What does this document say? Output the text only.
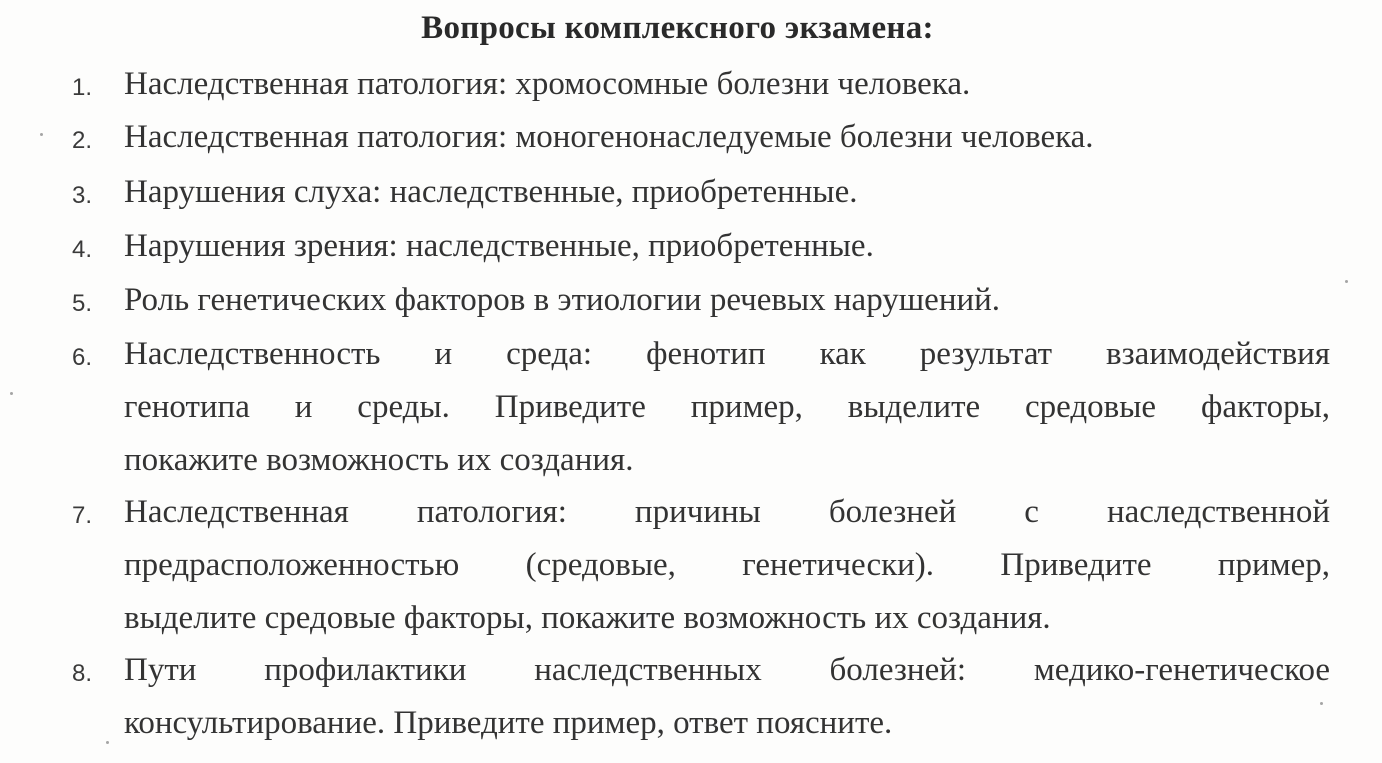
Вопросы комплексного экзамена:
1. Наследственная патология: хромосомные болезни человека.
2. Наследственная патология: моногенонаследуемые болезни человека.
3. Нарушения слуха: наследственные, приобретенные.
4. Нарушения зрения: наследственные, приобретенные.
5. Роль генетических факторов в этиологии речевых нарушений.
6. Наследственность и среда: фенотип как результат взаимодействия
генотипа и среды. Приведите пример, выделите средовые факторы,
покажите возможность их создания.
7. Наследственная патология: причины болезней с наследственной
предрасположенностью (средовые, генетически). Приведите пример,
выделите средовые факторы, покажите возможность их создания.
8. Пути профилактики наследственных болезней: медико-генетическое
консультирование. Приведите пример, ответ поясните.
